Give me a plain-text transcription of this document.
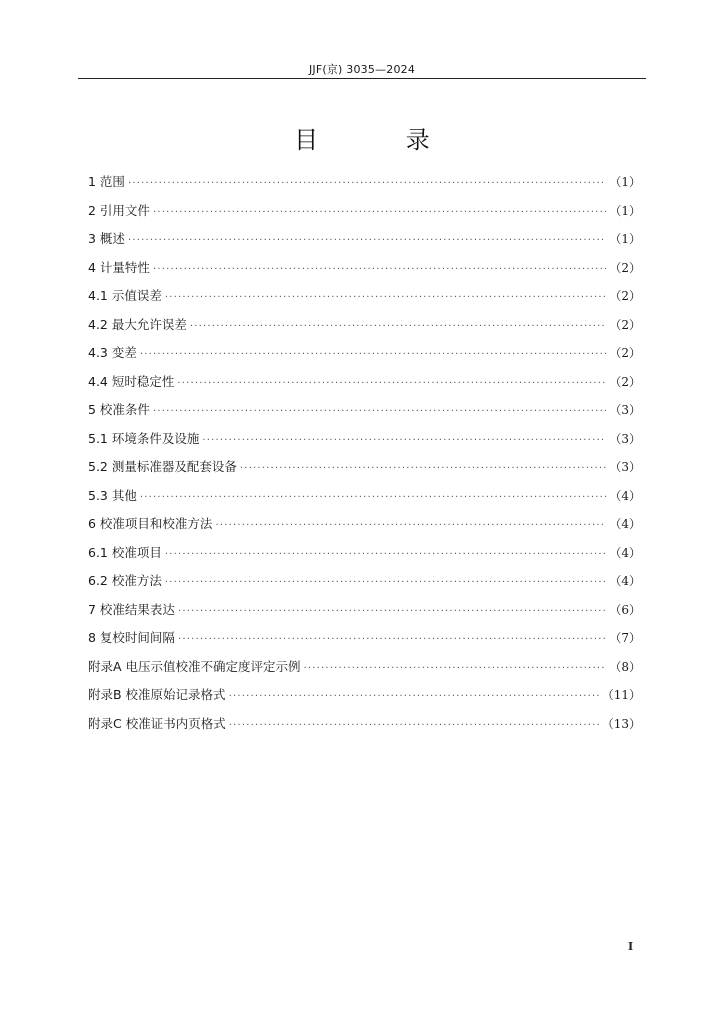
JJF(京) 3035—2024
目 录
1 范围 ·····	（1）
2 引用文件 ·····	（1）
3 概述 ·····	（1）
4 计量特性 ·····	（2）
4.1 示值误差 ·····	（2）
4.2 最大允许误差 ·····	（2）
4.3 变差 ·····	（2）
4.4 短时稳定性 ·····	（2）
5 校准条件 ·····	（3）
5.1 环境条件及设施 ·····	（3）
5.2 测量标准器及配套设备 ·····	（3）
5.3 其他 ·····	（4）
6 校准项目和校准方法 ·····	（4）
6.1 校准项目 ·····	（4）
6.2 校准方法 ·····	（4）
7 校准结果表达 ·····	（6）
8 复校时间间隔 ·····	（7）
附录A 电压示值校准不确定度评定示例 ·····	（8）
附录B 校准原始记录格式 ·····	（11）
附录C 校准证书内页格式 ·····	（13）
I
